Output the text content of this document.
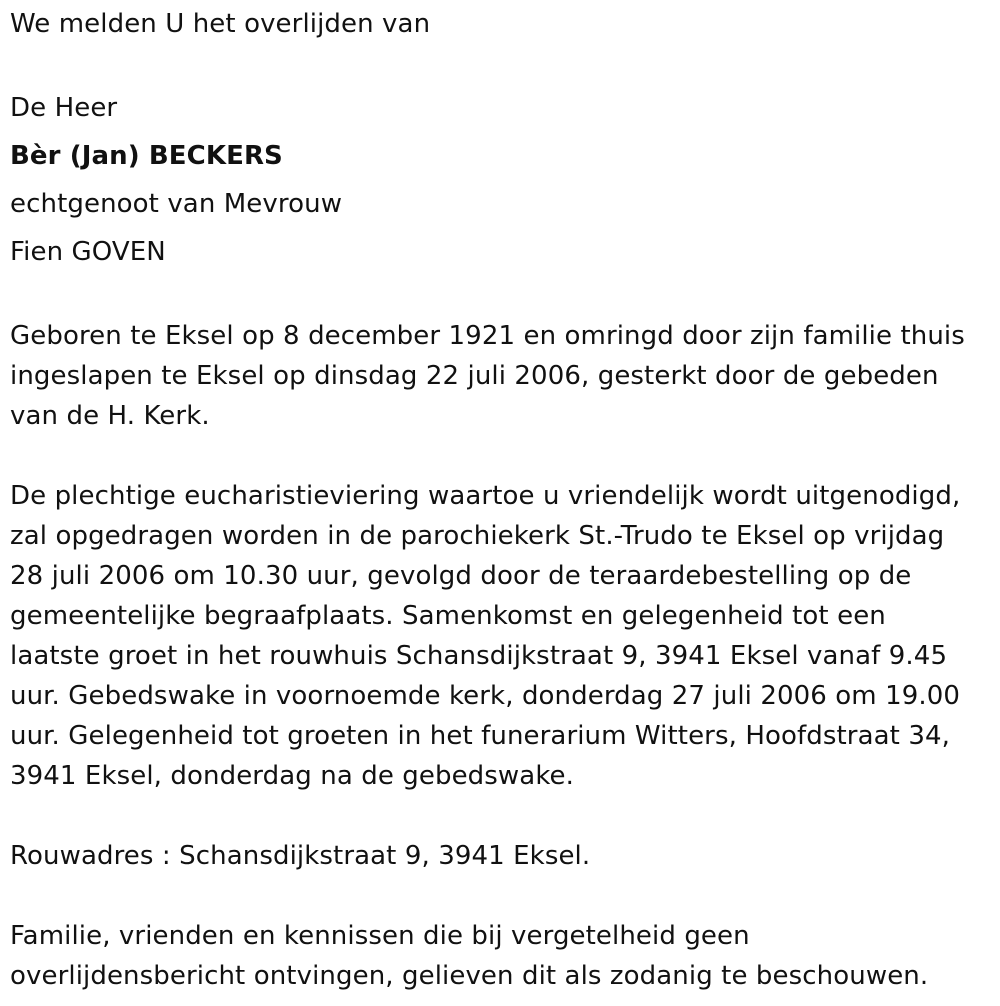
We melden U het overlijden van
De Heer
Bèr (Jan) BECKERS
echtgenoot van Mevrouw
Fien GOVEN
Geboren te Eksel op 8 december 1921 en omringd door zijn familie thuis
ingeslapen te Eksel op dinsdag 22 juli 2006, gesterkt door de gebeden
van de H. Kerk.
De plechtige eucharistieviering waartoe u vriendelijk wordt uitgenodigd,
zal opgedragen worden in de parochiekerk St.-Trudo te Eksel op vrijdag
28 juli 2006 om 10.30 uur, gevolgd door de teraardebestelling op de
gemeentelijke begraafplaats. Samenkomst en gelegenheid tot een
laatste groet in het rouwhuis Schansdijkstraat 9, 3941 Eksel vanaf 9.45
uur. Gebedswake in voornoemde kerk, donderdag 27 juli 2006 om 19.00
uur. Gelegenheid tot groeten in het funerarium Witters, Hoofdstraat 34,
3941 Eksel, donderdag na de gebedswake.
Rouwadres : Schansdijkstraat 9, 3941 Eksel.
Familie, vrienden en kennissen die bij vergetelheid geen
overlijdensbericht ontvingen, gelieven dit als zodanig te beschouwen.
